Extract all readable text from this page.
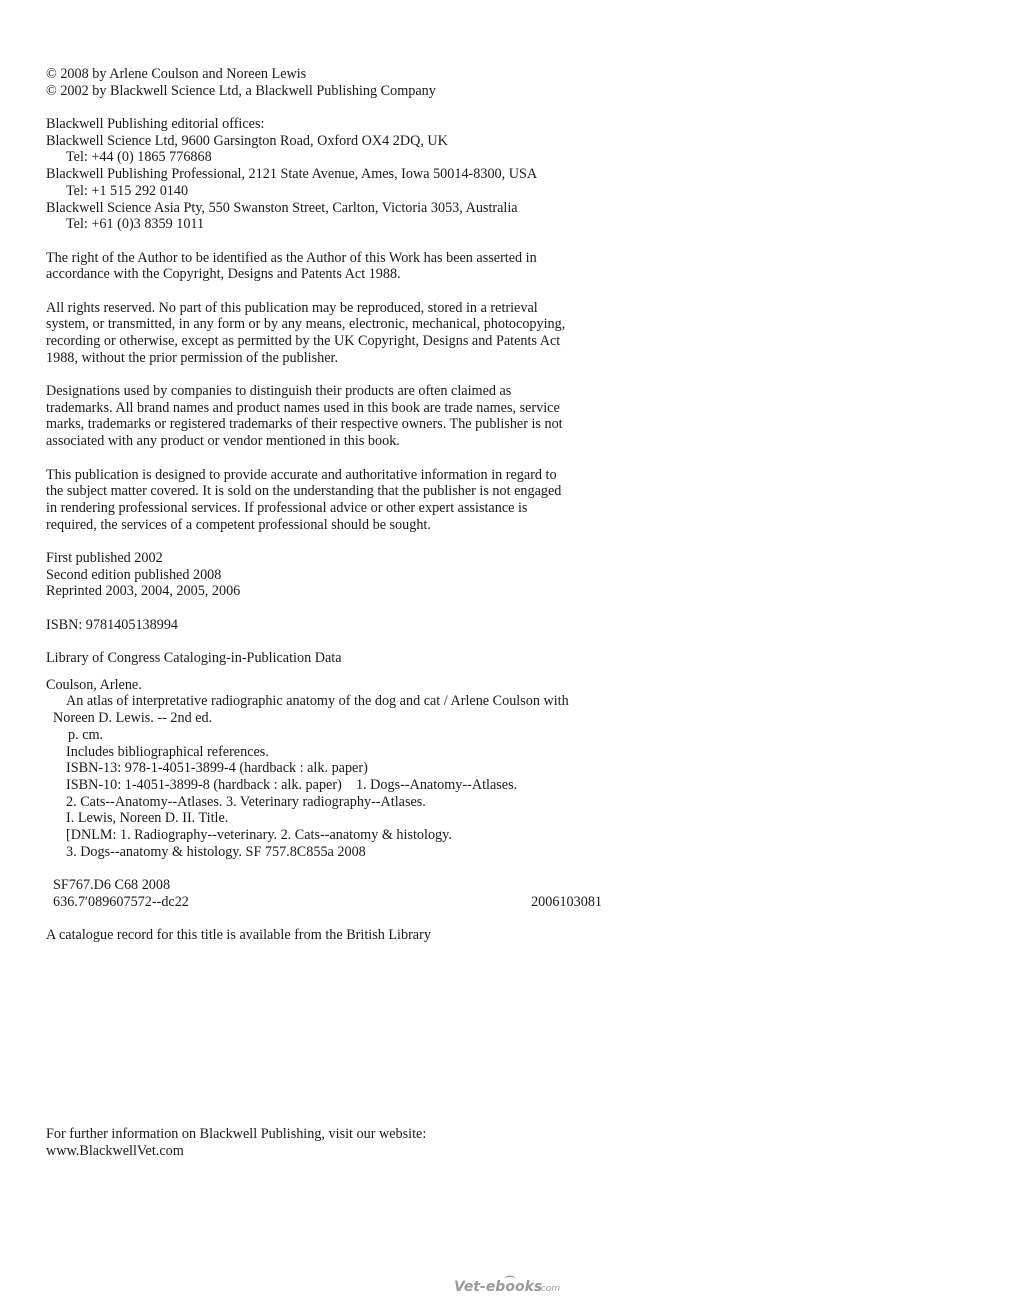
© 2008 by Arlene Coulson and Noreen Lewis
© 2002 by Blackwell Science Ltd, a Blackwell Publishing Company
Blackwell Publishing editorial offices:
Blackwell Science Ltd, 9600 Garsington Road, Oxford OX4 2DQ, UK
Tel: +44 (0) 1865 776868
Blackwell Publishing Professional, 2121 State Avenue, Ames, Iowa 50014-8300, USA
Tel: +1 515 292 0140
Blackwell Science Asia Pty, 550 Swanston Street, Carlton, Victoria 3053, Australia
Tel: +61 (0)3 8359 1011
The right of the Author to be identified as the Author of this Work has been asserted in
accordance with the Copyright, Designs and Patents Act 1988.
All rights reserved. No part of this publication may be reproduced, stored in a retrieval
system, or transmitted, in any form or by any means, electronic, mechanical, photocopying,
recording or otherwise, except as permitted by the UK Copyright, Designs and Patents Act
1988, without the prior permission of the publisher.
Designations used by companies to distinguish their products are often claimed as
trademarks. All brand names and product names used in this book are trade names, service
marks, trademarks or registered trademarks of their respective owners. The publisher is not
associated with any product or vendor mentioned in this book.
This publication is designed to provide accurate and authoritative information in regard to
the subject matter covered. It is sold on the understanding that the publisher is not engaged
in rendering professional services. If professional advice or other expert assistance is
required, the services of a competent professional should be sought.
First published 2002
Second edition published 2008
Reprinted 2003, 2004, 2005, 2006
ISBN: 9781405138994
Library of Congress Cataloging-in-Publication Data
Coulson, Arlene.
An atlas of interpretative radiographic anatomy of the dog and cat / Arlene Coulson with
Noreen D. Lewis. -- 2nd ed.
p. cm.
Includes bibliographical references.
ISBN-13: 978-1-4051-3899-4 (hardback : alk. paper)
ISBN-10: 1-4051-3899-8 (hardback : alk. paper)    1. Dogs--Anatomy--Atlases.
2. Cats--Anatomy--Atlases. 3. Veterinary radiography--Atlases.
I. Lewis, Noreen D. II. Title.
[DNLM: 1. Radiography--veterinary. 2. Cats--anatomy & histology.
3. Dogs--anatomy & histology. SF 757.8C855a 2008
SF767.D6 C68 2008
636.7′089607572--dc22	2006103081
A catalogue record for this title is available from the British Library
For further information on Blackwell Publishing, visit our website:
www.BlackwellVet.com
Vet-ebooks
.com
